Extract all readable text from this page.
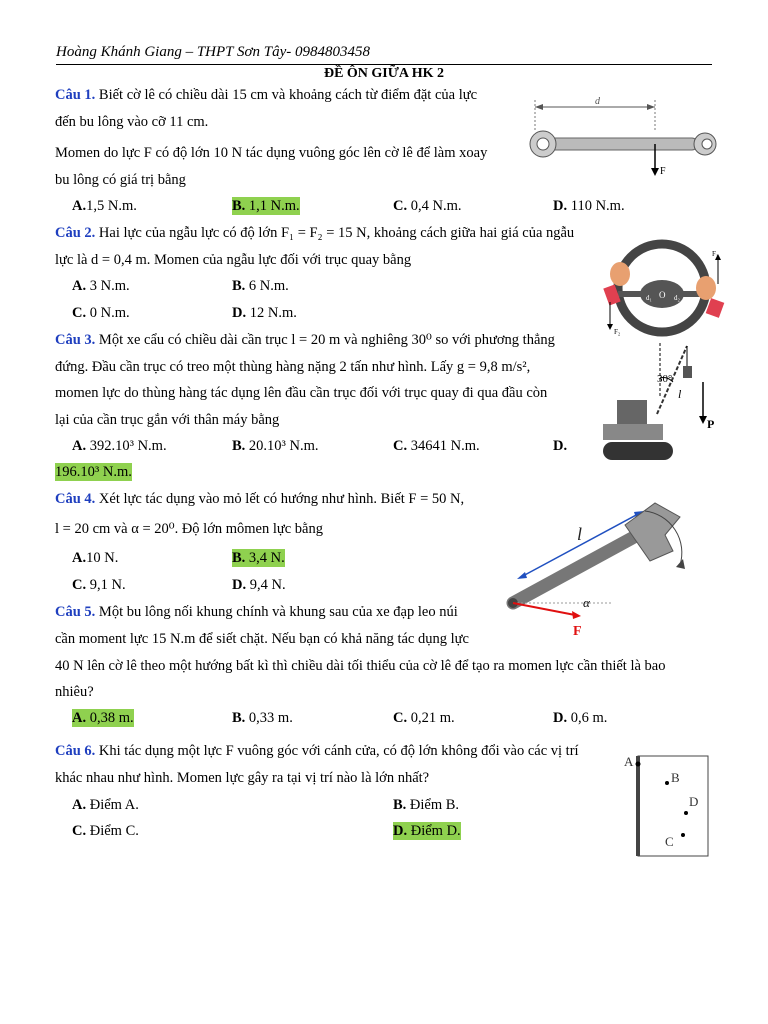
Hoàng Khánh Giang – THPT Sơn Tây- 0984803458
ĐỀ ÔN GIỮA HK 2
Câu 1. Biết cờ lê có chiều dài 15 cm và khoảng cách từ điểm đặt của lực
đến bu lông vào cỡ 11 cm.
Momen do lực F có độ lớn 10 N tác dụng vuông góc lên cờ lê để làm xoay
bu lông có giá trị bằng
A.1,5 N.m.	B. 1,1 N.m.	C. 0,4 N.m.	D. 110 N.m.
d
F
Câu 2. Hai lực của ngẫu lực có độ lớn F₁ = F₂ = 15 N, khoảng cách giữa hai giá của ngẫu
lực là d = 0,4 m. Momen của ngẫu lực đối với trục quay bằng
A. 3 N.m.	B. 6 N.m.
C. 0 N.m.	D. 12 N.m.
O
d₁	d₂
F₁
F₂
Câu 3. Một xe cẩu có chiều dài cần trục l = 20 m và nghiêng 30⁰ so với phương thẳng
đứng. Đầu cần trục có treo một thùng hàng nặng 2 tấn như hình. Lấy g = 9,8 m/s²,
momen lực do thùng hàng tác dụng lên đầu cần trục đối với trục quay đi qua đầu còn
lại của cần trục gắn với thân máy bằng
A. 392.10³ N.m.	B. 20.10³ N.m.	C. 34641 N.m.	D.
196.10³ N.m.
30°
l
P
Câu 4. Xét lực tác dụng vào mỏ lết có hướng như hình. Biết F = 50 N,
l = 20 cm và α = 20⁰. Độ lớn mômen lực bằng
A.10 N.	B. 3,4 N.
C. 9,1 N.	D. 9,4 N.
l
α
F
Câu 5. Một bu lông nối khung chính và khung sau của xe đạp leo núi
cần moment lực 15 N.m để siết chặt. Nếu bạn có khả năng tác dụng lực
40 N lên cờ lê theo một hướng bất kì thì chiều dài tối thiểu của cờ lê để tạo ra momen lực cần thiết là bao
nhiêu?
A. 0,38 m.	B. 0,33 m.	C. 0,21 m.	D. 0,6 m.
Câu 6. Khi tác dụng một lực F vuông góc với cánh cửa, có độ lớn không đổi vào các vị trí
khác nhau như hình. Momen lực gây ra tại vị trí nào là lớn nhất?
A. Điểm A.	B. Điểm B.
C. Điểm C.	D. Điểm D.
A
B
D
C
